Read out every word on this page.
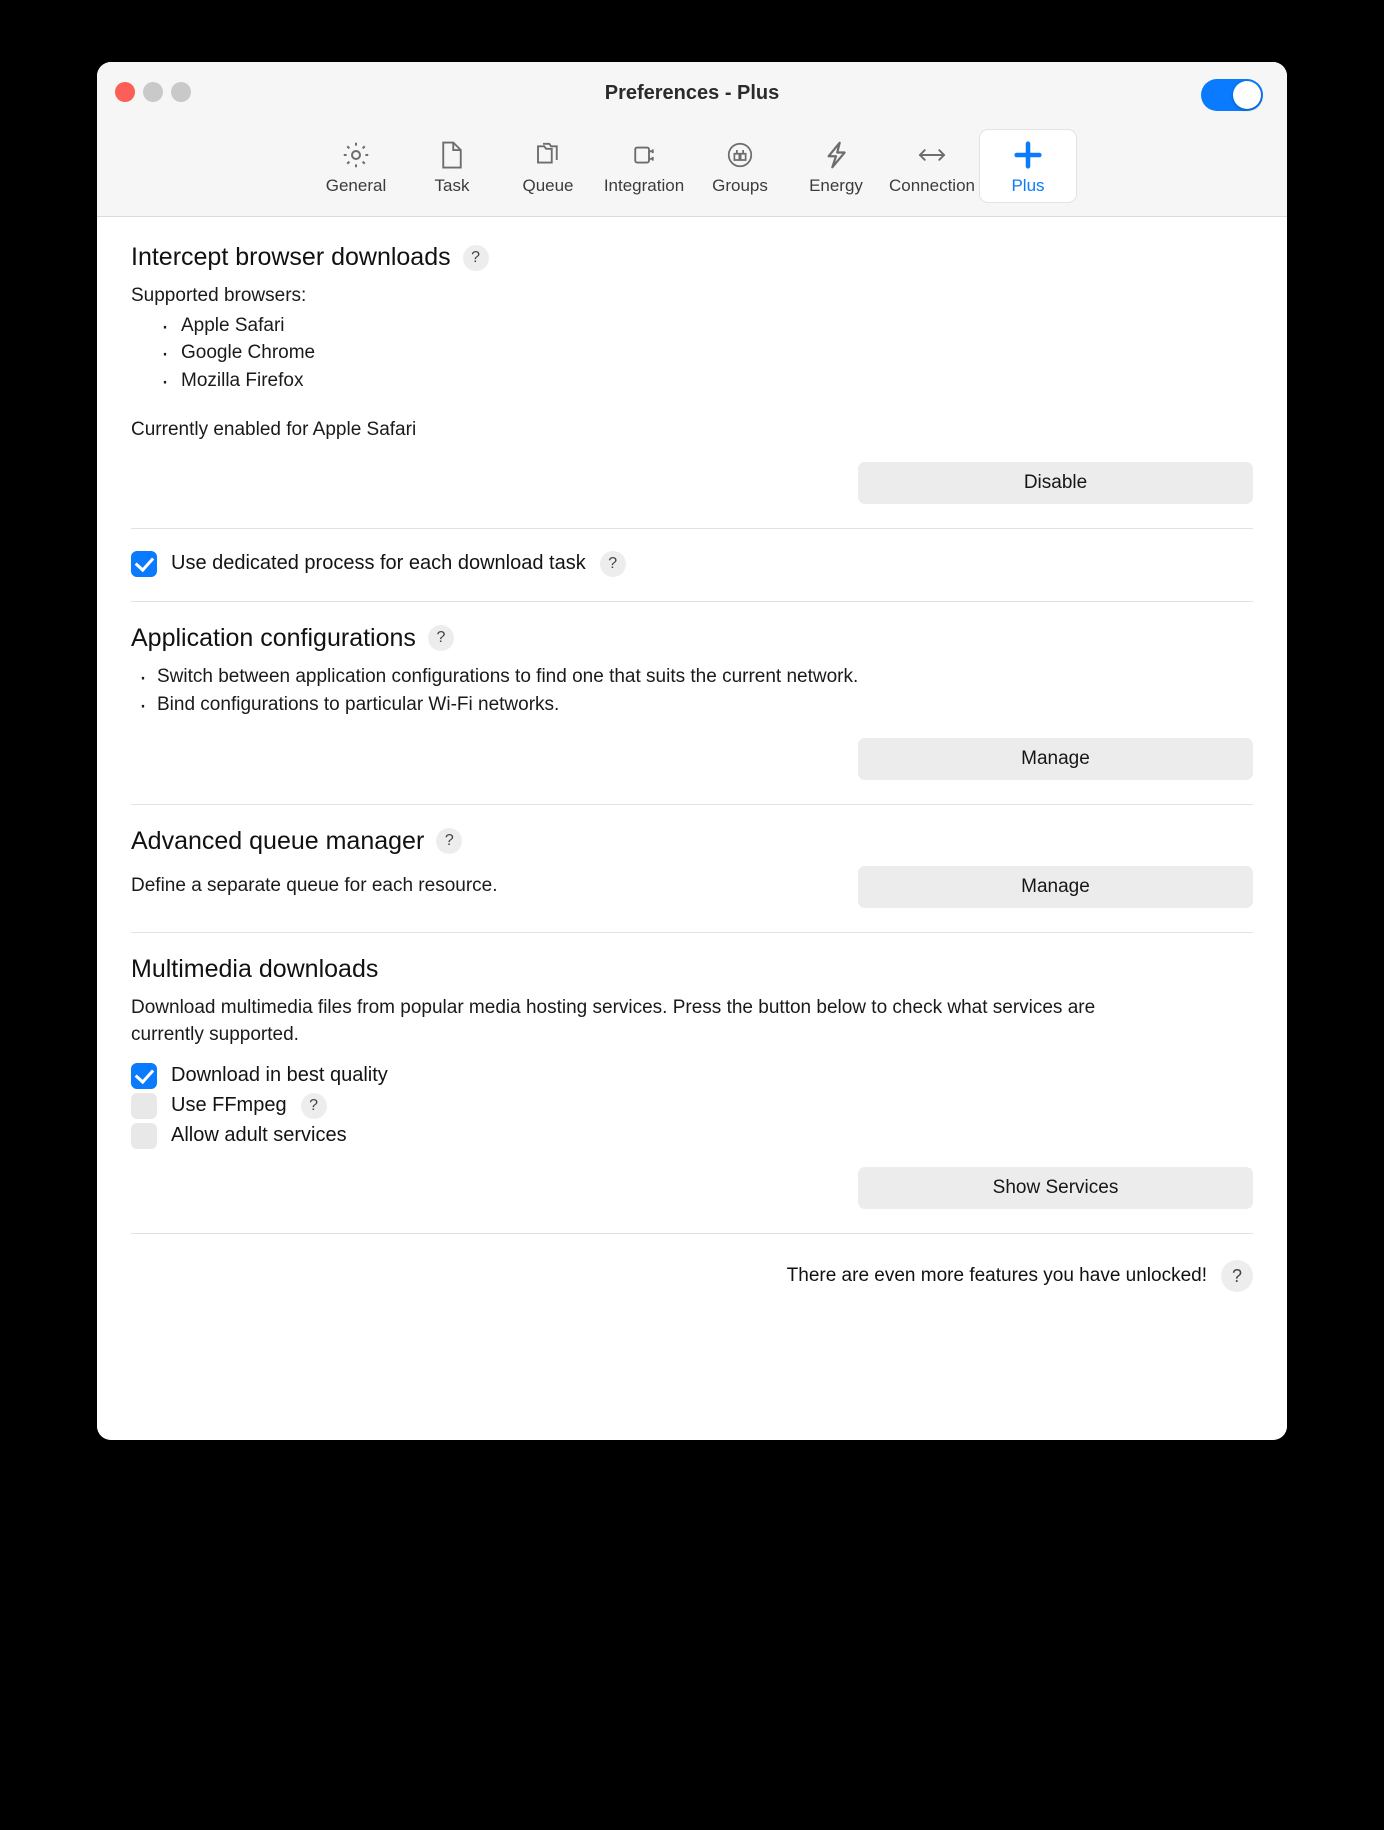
Preferences - Plus
General	Task	Queue Integration Groups Energy Connection Plus
Intercept browser downloads	?

Supported browsers:

· Apple Safari
· Google Chrome
· Mozilla Firefox

Currently enabled for Apple Safari

Disable
Use dedicated process for each download task	?
Application configurations	?
· Switch between application configurations to find one that suits the current network.
· Bind configurations to particular Wi-Fi networks.
Manage
Advanced queue manager	?

Define a separate queue for each resource.	Manage
Multimedia downloads

Download multimedia files from popular media hosting services. Press the button below to check what services are currently supported.

Download in best quality
Use FFmpeg	?
Allow adult services
Show Services
There are even more features you have unlocked!	?
